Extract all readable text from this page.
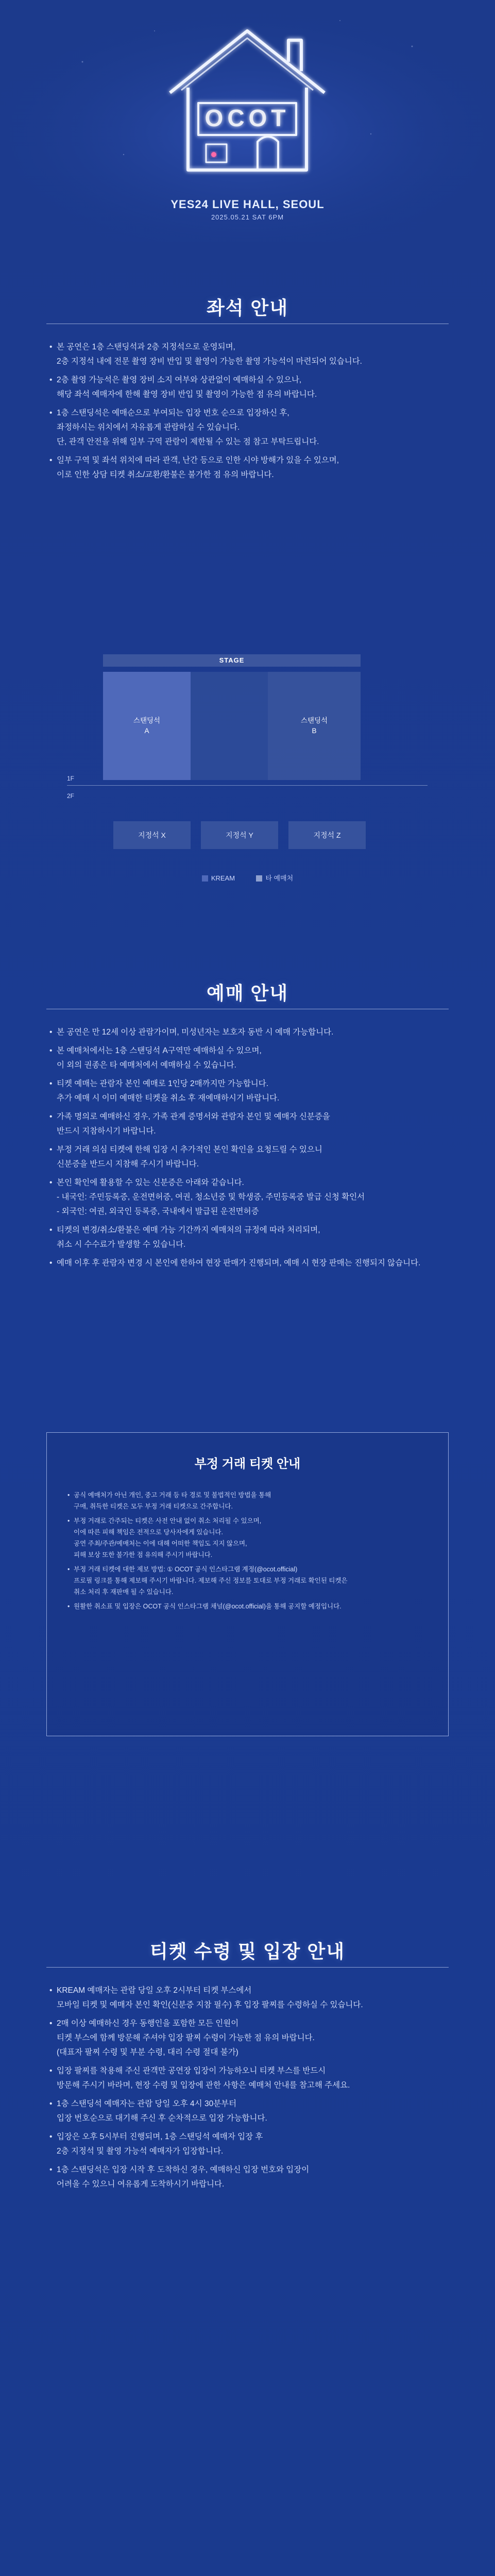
OCOT
YES24 LIVE HALL, SEOUL
2025.05.21 SAT 6PM
좌석 안내
• 본 공연은 1층 스탠딩석과 2층 지정석으로 운영되며,
2층 지정석 내에 전문 촬영 장비 반입 및 촬영이 가능한 촬영 가능석이 마련되어 있습니다.
• 2층 촬영 가능석은 촬영 장비 소지 여부와 상관없이 예매하실 수 있으나,
해당 좌석 예매자에 한해 촬영 장비 반입 및 촬영이 가능한 점 유의 바랍니다.
• 1층 스탠딩석은 예매순으로 부여되는 입장 번호 순으로 입장하신 후,
좌정하시는 위치에서 자유롭게 관람하실 수 있습니다.
단, 관객 안전을 위해 일부 구역 관람이 제한될 수 있는 점 참고 부탁드립니다.
• 일부 구역 및 좌석 위치에 따라 관객, 난간 등으로 인한 시야 방해가 있을 수 있으며,
이로 인한 상담 티켓 취소/교환/환불은 불가한 점 유의 바랍니다.
STAGE
스탠딩석
A
스탠딩석
B
1F
2F
지정석 X	지정석 Y	지정석 Z
KREAM	타 예매처
예매 안내
• 본 공연은 만 12세 이상 관람가이며, 미성년자는 보호자 동반 시 예매 가능합니다.
• 본 예매처에서는 1층 스탠딩석 A구역만 예매하실 수 있으며,
이 외의 권종은 타 예매처에서 예매하실 수 있습니다.
• 티켓 예매는 관람자 본인 예매로 1인당 2매까지만 가능합니다.
추가 예매 시 이미 예매한 티켓을 취소 후 재예매하시기 바랍니다.
• 가족 명의로 예매하신 경우, 가족 관계 증명서와 관람자 본인 및 예매자 신분증을
반드시 지참하시기 바랍니다.
• 부정 거래 의심 티켓에 한해 입장 시 추가적인 본인 확인을 요청드릴 수 있으니
신분증을 반드시 지참해 주시기 바랍니다.
• 본인 확인에 활용할 수 있는 신분증은 아래와 같습니다.
- 내국인: 주민등록증, 운전면허증, 여권, 청소년증 및 학생증, 주민등록증 발급 신청 확인서
- 외국인: 여권, 외국인 등록증, 국내에서 발급된 운전면허증
• 티켓의 변경/취소/환불은 예매 가능 기간까지 예매처의 규정에 따라 처리되며,
취소 시 수수료가 발생할 수 있습니다.
• 예매 이후 후 관람자 변경 시 본인에 한하여 현장 판매가 진행되며, 예매 시 현장 판매는 진행되지 않습니다.
부정 거래 티켓 안내
• 공식 예매처가 아닌 개인, 중고 거래 등 타 경로 및 불법적인 방법을 통해
구매, 취득한 티켓은 모두 부정 거래 티켓으로 간주합니다.
• 부정 거래로 간주되는 티켓은 사전 안내 없이 취소 처리될 수 있으며,
이에 따른 피해 책임은 전적으로 당사자에게 있습니다.
공연 주최/주관/예매처는 이에 대해 어떠한 책임도 지지 않으며,
피해 보상 또한 불가한 점 유의해 주시기 바랍니다.
• 부정 거래 티켓에 대한 제보 방법: ① OCOT 공식 인스타그램 계정(@ocot.official)
프로필 링크를 통해 제보해 주시기 바랍니다. 제보해 주신 정보를 토대로 부정 거래로 확인된 티켓은
취소 처리 후 재판매 될 수 있습니다.
• 원활한 취소표 및 입장은 OCOT 공식 인스타그램 채널(@ocot.official)을 통해 공지할 예정입니다.
티켓 수령 및 입장 안내
• KREAM 예매자는 관람 당일 오후 2시부터 티켓 부스에서
모바일 티켓 및 예매자 본인 확인(신분증 지참 필수) 후 입장 팔찌를 수령하실 수 있습니다.
• 2매 이상 예매하신 경우 동행인을 포함한 모든 인원이
티켓 부스에 함께 방문해 주셔야 입장 팔찌 수령이 가능한 점 유의 바랍니다.
(대표자 팔찌 수령 및 부분 수령, 대리 수령 절대 불가)
• 입장 팔찌를 착용해 주신 관객만 공연장 입장이 가능하오니 티켓 부스를 반드시
방문해 주시기 바라며, 현장 수령 및 입장에 관한 사항은 예매처 안내를 참고해 주세요.
• 1층 스탠딩석 예매자는 관람 당일 오후 4시 30분부터
입장 번호순으로 대기해 주신 후 순차적으로 입장 가능합니다.
• 입장은 오후 5시부터 진행되며, 1층 스탠딩석 예매자 입장 후
2층 지정석 및 촬영 가능석 예매자가 입장합니다.
• 1층 스탠딩석은 입장 시작 후 도착하신 경우, 예매하신 입장 번호와 입장이
어려울 수 있으니 여유롭게 도착하시기 바랍니다.
